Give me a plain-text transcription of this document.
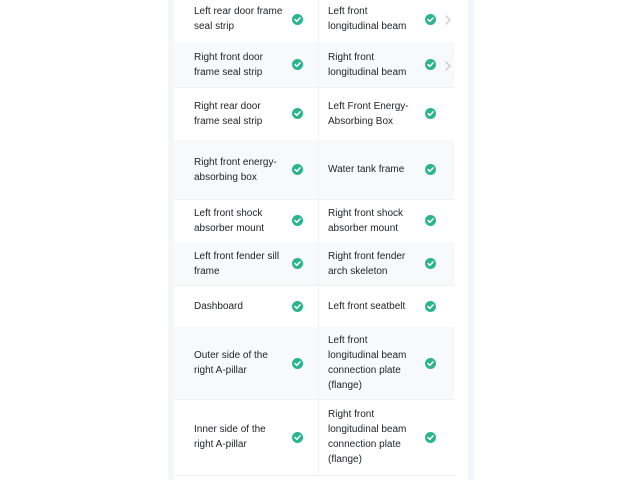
Left rear door frame seal strip
Left front longitudinal beam
Right front door frame seal strip
Right front longitudinal beam
Right rear door frame seal strip
Left Front Energy-Absorbing Box
Right front energy-absorbing box
Water tank frame
Left front shock absorber mount
Right front shock absorber mount
Left front fender sill frame
Right front fender arch skeleton
Dashboard	Left front seatbelt
Outer side of the right A-pillar
Left front longitudinal beam connection plate (flange)
Inner side of the right A-pillar
Right front longitudinal beam connection plate (flange)
